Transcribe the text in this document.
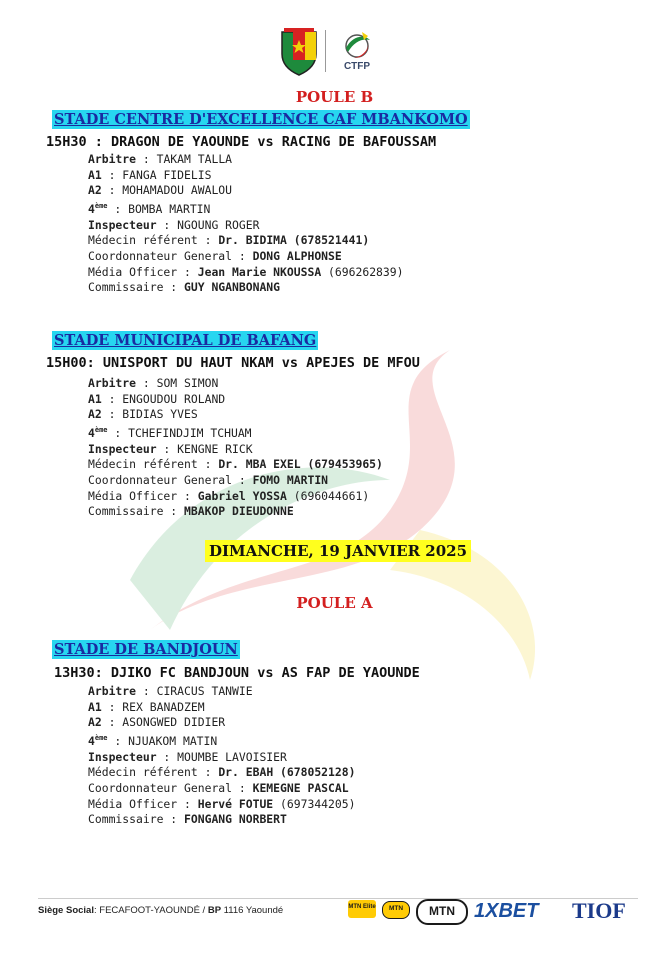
CTFP
POULE B
STADE CENTRE D'EXCELLENCE CAF MBANKOMO
15H30 : DRAGON DE YAOUNDE vs RACING DE BAFOUSSAM
Arbitre : TAKAM TALLA
A1 : FANGA FIDELIS
A2 : MOHAMADOU AWALOU
4ème : BOMBA MARTIN
Inspecteur : NGOUNG ROGER
Médecin référent : Dr. BIDIMA (678521441)
Coordonnateur General : DONG ALPHONSE
Média Officer : Jean Marie NKOUSSA (696262839)
Commissaire : GUY NGANBONANG
STADE MUNICIPAL DE BAFANG
15H00: UNISPORT DU HAUT NKAM vs APEJES DE MFOU
Arbitre : SOM SIMON
A1 : ENGOUDOU ROLAND
A2 : BIDIAS YVES
4ème : TCHEFINDJIM TCHUAM
Inspecteur : KENGNE RICK
Médecin référent : Dr. MBA EXEL (679453965)
Coordonnateur General : FOMO MARTIN
Média Officer : Gabriel YOSSA (696044661)
Commissaire : MBAKOP DIEUDONNE
DIMANCHE, 19 JANVIER 2025
POULE A
STADE DE BANDJOUN
13H30: DJIKO FC BANDJOUN vs AS FAP DE YAOUNDE
Arbitre : CIRACUS TANWIE
A1 : REX BANADZEM
A2 : ASONGWED DIDIER
4ème : NJUAKOM MATIN
Inspecteur : MOUMBE LAVOISIER
Médecin référent : Dr. EBAH (678052128)
Coordonnateur General : KEMEGNE PASCAL
Média Officer : Hervé FOTUE (697344205)
Commissaire : FONGANG NORBERT
Siège Social: FECAFOOT-YAOUNDÉ / BP 1116 Yaoundé	MTN Elite	MTN	MTN 1XBET TIOF
